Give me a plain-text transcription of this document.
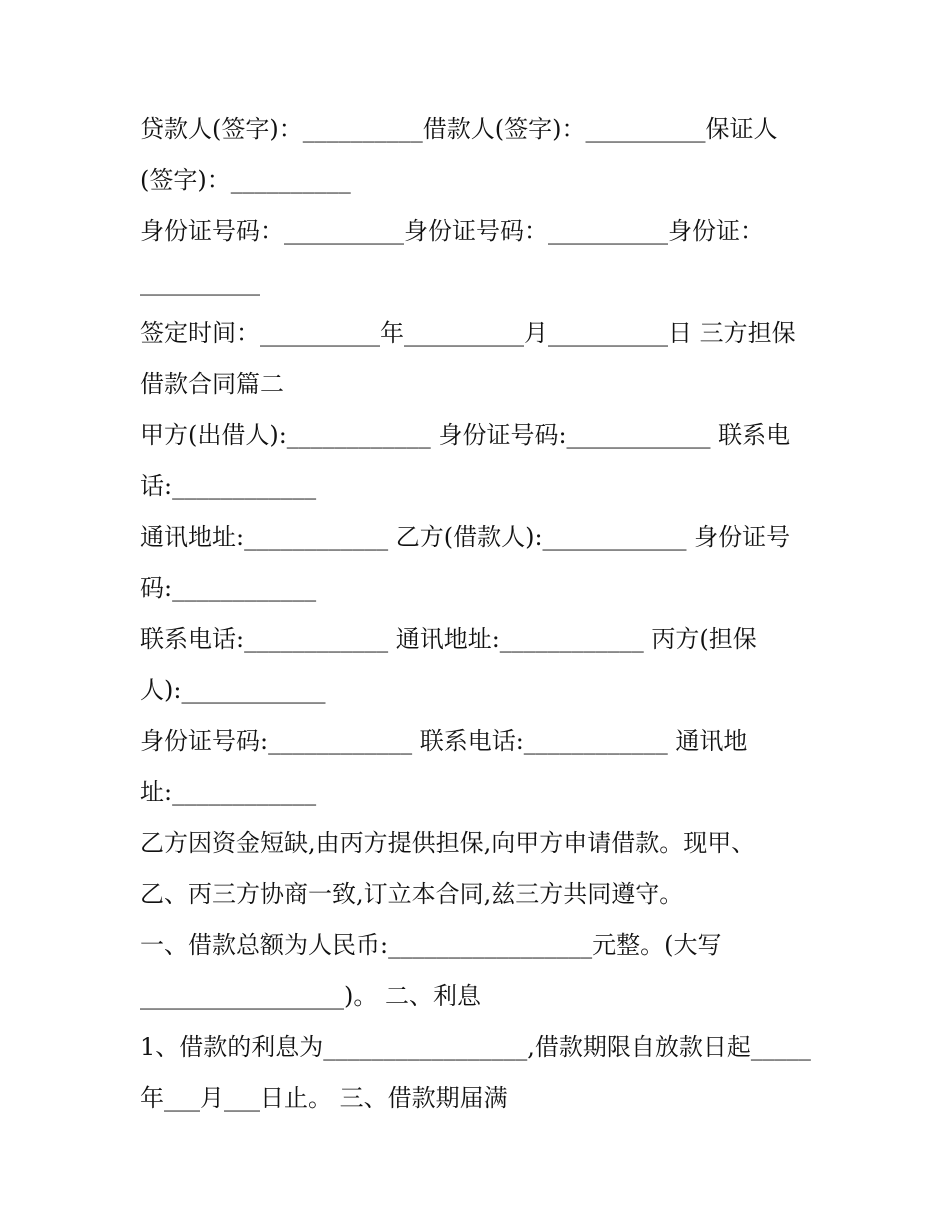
贷款人(签字)：__________借款人(签字)：__________保证人
(签字)：__________
身份证号码：__________身份证号码：__________身份证：
__________
签定时间：__________年__________月__________日 三方担保
借款合同篇二
甲方(出借人):____________ 身份证号码:____________ 联系电
话:____________
通讯地址:____________ 乙方(借款人):____________ 身份证号
码:____________
联系电话:____________ 通讯地址:____________ 丙方(担保
人):____________
身份证号码:____________ 联系电话:____________ 通讯地
址:____________
乙方因资金短缺,由丙方提供担保,向甲方申请借款。现甲、
乙、丙三方协商一致,订立本合同,兹三方共同遵守。
一、借款总额为人民币:_________________元整。(大写
_________________)。 二、利息
1、借款的利息为_________________,借款期限自放款日起_____
年___月___日止。 三、借款期届满
